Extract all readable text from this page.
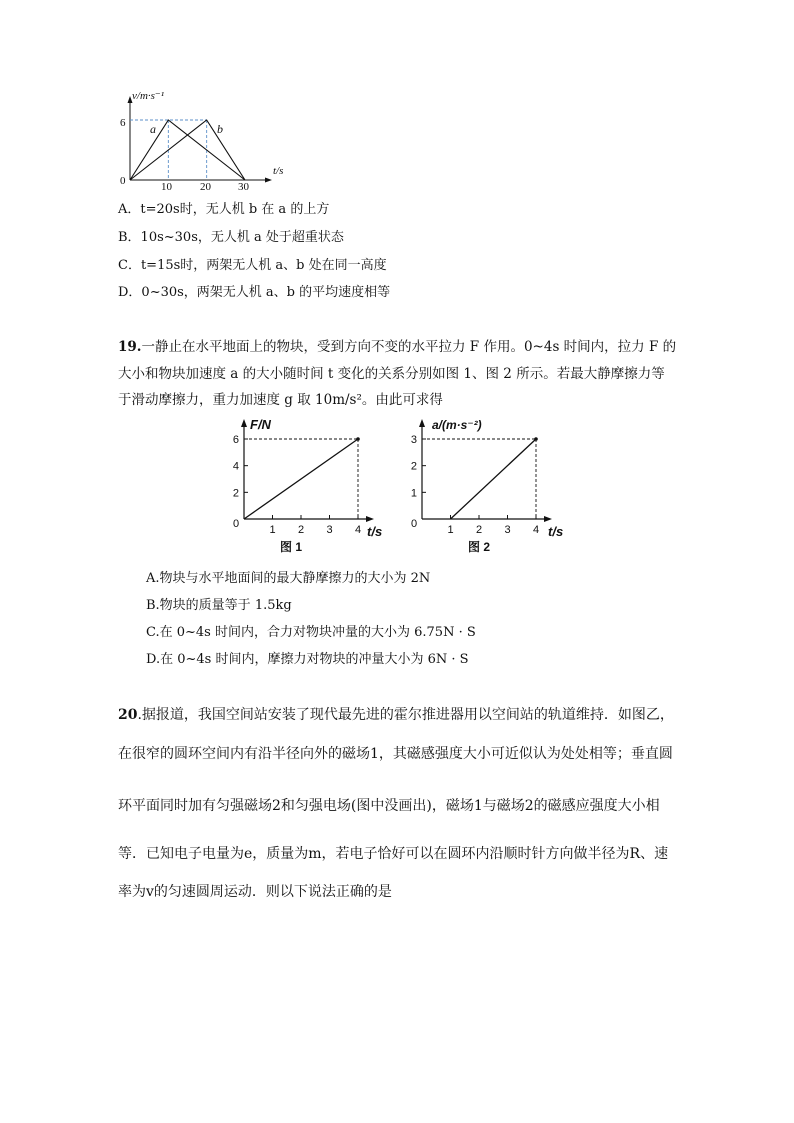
v/m·s⁻¹
t/s
0
6
10	20 30
a	b
A．t=20s时，无人机 b 在 a 的上方
B．10s~30s，无人机 a 处于超重状态
C．t=15s时，两架无人机 a、b 处在同一高度
D．0~30s，两架无人机 a、b 的平均速度相等
19.一静止在水平地面上的物块，受到方向不变的水平拉力 F 作用。0~4s 时间内，拉力 F 的
大小和物块加速度 a 的大小随时间 t 变化的关系分别如图 1、图 2 所示。若最大静摩擦力等
于滑动摩擦力，重力加速度 g 取 10m/s²。由此可求得
F/N
t/s
0
2
4
6
1 2 3 4
图 1
a/(m·s⁻²)
t/s
0
1
2
3
1 2 3 4
图 2
A.物块与水平地面间的最大静摩擦力的大小为 2N
B.物块的质量等于 1.5kg
C.在 0~4s 时间内，合力对物块冲量的大小为 6.75N · S
D.在 0~4s 时间内，摩擦力对物块的冲量大小为 6N · S
20.据报道，我国空间站安装了现代最先进的霍尔推进器用以空间站的轨道维持．如图乙，
在很窄的圆环空间内有沿半径向外的磁场1，其磁感强度大小可近似认为处处相等；垂直圆
环平面同时加有匀强磁场2和匀强电场(图中没画出)，磁场1与磁场2的磁感应强度大小相
等．已知电子电量为e，质量为m，若电子恰好可以在圆环内沿顺时针方向做半径为R、速
率为v的匀速圆周运动．则以下说法正确的是
